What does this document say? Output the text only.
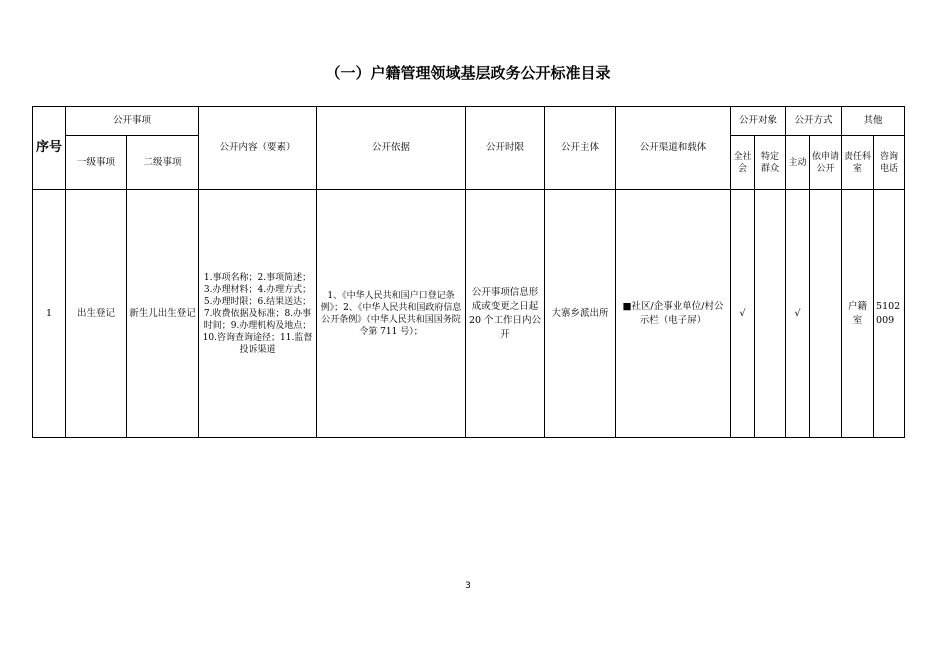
（一）户籍管理领域基层政务公开标准目录
序号	公开事项		公开内容（要素）	公开依据	公开时限	公开主体	公开渠道和载体	公开对象		公开方式		其他	
	一级事项	二级事项						全社会	特定群众	主动	依申请公开	责任科室	咨询电话
1	出生登记	新生儿出生登记	1.事项名称；2.事项简述；3.办理材料；4.办理方式；5.办理时限；6.结果送达；7.收费依据及标准；8.办事时间；9.办理机构及地点；10.咨询查询途径；11.监督投诉渠道	1、《中华人民共和国户口登记条例》；2、《中华人民共和国政府信息公开条例》（中华人民共和国国务院令第 711 号）；	公开事项信息形成或变更之日起 20 个工作日内公开	大寨乡派出所	■社区/企事业单位/村公示栏（电子屏）	√		√		户籍室	5102009
3
